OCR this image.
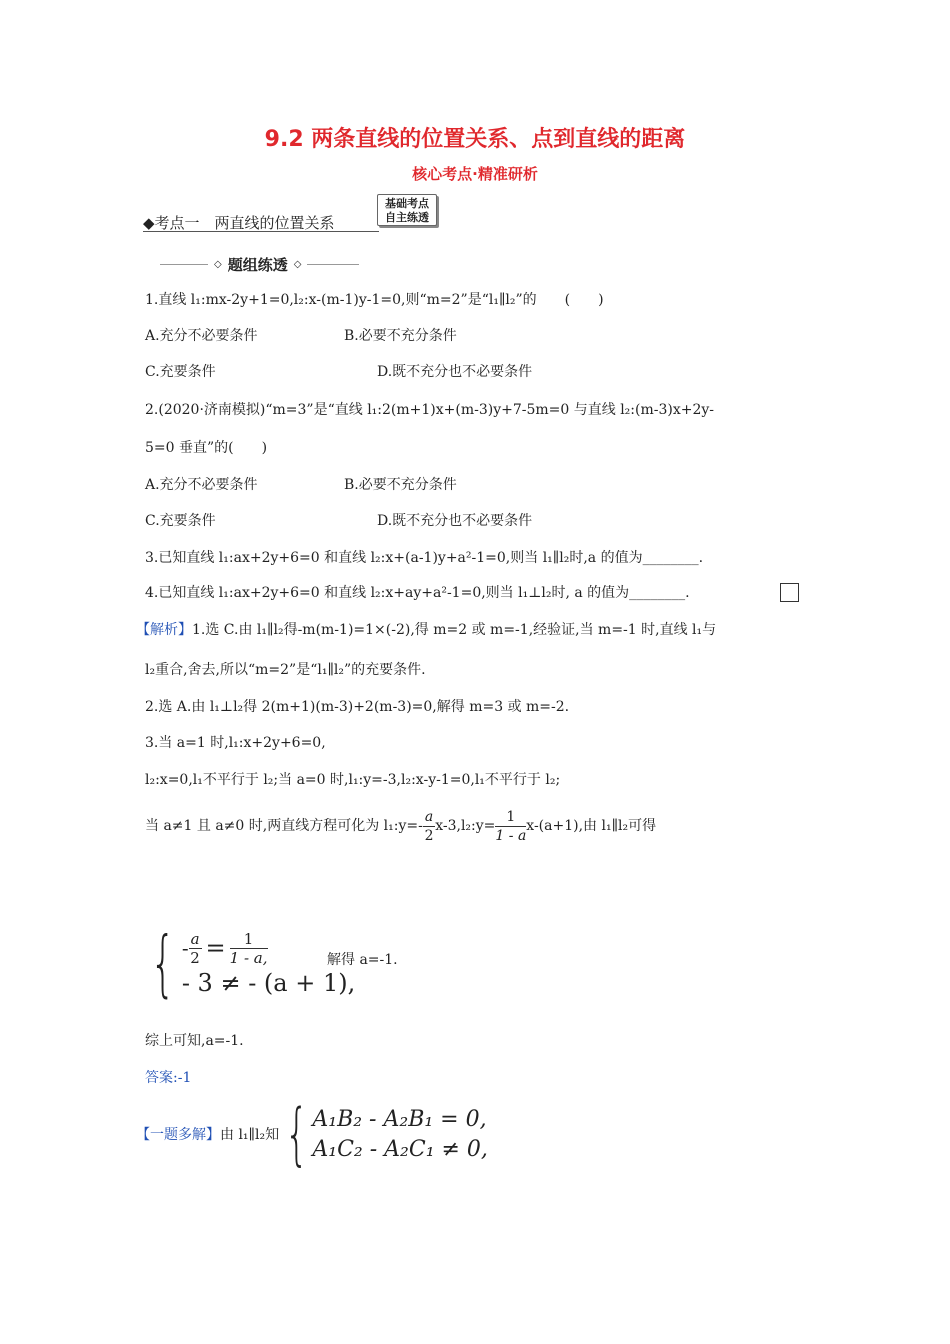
9.2 两条直线的位置关系、点到直线的距离
核心考点·精准研析
◆考点一　两直线的位置关系
基础考点
自主练透
◇ 题组练透 ◇
1.直线 l₁:mx-2y+1=0,l₂:x-(m-1)y-1=0,则“m=2”是“l₁∥l₂”的　　(　　)
A.充分不必要条件	B.必要不充分条件
C.充要条件	D.既不充分也不必要条件
2.(2020·济南模拟)“m=3”是“直线 l₁:2(m+1)x+(m-3)y+7-5m=0 与直线 l₂:(m-3)x+2y-
5=0 垂直”的(　　)
A.充分不必要条件	B.必要不充分条件
C.充要条件	D.既不充分也不必要条件
3.已知直线 l₁:ax+2y+6=0 和直线 l₂:x+(a-1)y+a²-1=0,则当 l₁∥l₂时,a 的值为________.
4.已知直线 l₁:ax+2y+6=0 和直线 l₂:x+ay+a²-1=0,则当 l₁⊥l₂时, a 的值为________.
【解析】1.选 C.由 l₁∥l₂得-m(m-1)=1×(-2),得 m=2 或 m=-1,经验证,当 m=-1 时,直线 l₁与
l₂重合,舍去,所以“m=2”是“l₁∥l₂”的充要条件.
2.选 A.由 l₁⊥l₂得 2(m+1)(m-3)+2(m-3)=0,解得 m=3 或 m=-2.
3.当 a=1 时,l₁:x+2y+6=0,
l₂:x=0,l₁不平行于 l₂;当 a=0 时,l₁:y=-3,l₂:x-y-1=0,l₁不平行于 l₂;
当 a≠1 且 a≠0 时,两直线方程可化为 l₁:y=- $\frac{a}{2}$ x-3,l₂:y= $\frac{1}{1 - a} x-(a+1)$,由 l₁∥l₂可得
{ - $\frac{a}{2} = \frac{1}{1 - a,}$
- 3 ≠ - (a + 1),
解得 a=-1.
综上可知,a=-1.
答案:-1
【一题多解】 由 l₁∥l₂知 { A₁B₂ - A₂B₁ = 0,
A₁C₂ - A₂C₁ ≠ 0,
